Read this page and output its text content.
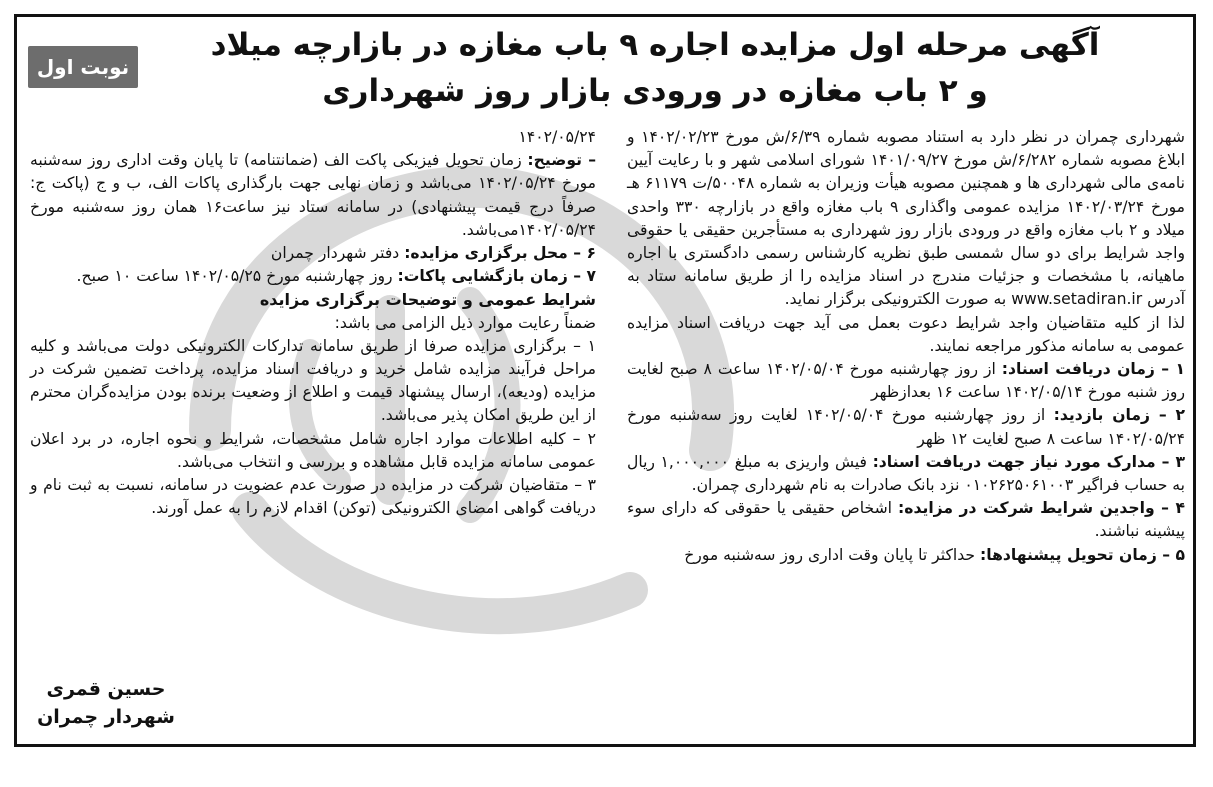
نوبت اول
آگهی مرحله اول مزایده اجاره ۹ باب مغازه در بازارچه میلاد
و ۲ باب مغازه در ورودی بازار روز شهرداری

شهرداری چمران در نظر دارد به استناد مصوبه شماره ۶/۳۹/ش مورخ ۱۴۰۲/۰۲/۲۳ و ابلاغ مصوبه شماره ۶/۲۸۲/ش مورخ ۱۴۰۱/۰۹/۲۷ شورای اسلامی شهر و با رعایت آیین نامه‌ی مالی شهرداری ها و همچنین مصوبه هیأت وزیران به شماره ۵۰۰۴۸/ت ۶۱۱۷۹ هـ مورخ ۱۴۰۲/۰۳/۲۴ مزایده عمومی واگذاری ۹ باب مغازه واقع در بازارچه ۳۳۰ واحدی میلاد و ۲ باب مغازه واقع در ورودی بازار روز شهرداری به مستأجرین حقیقی یا حقوقی واجد شرایط برای دو سال شمسی طبق نظریه کارشناس رسمی دادگستری با اجاره ماهیانه، با مشخصات و جزئیات مندرج در اسناد مزایده را از طریق سامانه ستاد به آدرس www.setadiran.ir به صورت الکترونیکی برگزار نماید.

لذا از کلیه متقاضیان واجد شرایط دعوت بعمل می آید جهت دریافت اسناد مزایده عمومی به سامانه مذکور مراجعه نمایند.

۱ – زمان دریافت اسناد: از روز چهارشنبه مورخ ۱۴۰۲/۰۵/۰۴ ساعت ۸ صبح لغایت روز شنبه مورخ ۱۴۰۲/۰۵/۱۴ ساعت ۱۶ بعدازظهر

۲ – زمان بازدید: از روز چهارشنبه مورخ ۱۴۰۲/۰۵/۰۴ لغایت روز سه‌شنبه مورخ ۱۴۰۲/۰۵/۲۴ ساعت ۸ صبح لغایت ۱۲ ظهر

۳ – مدارک مورد نیاز جهت دریافت اسناد: فیش واریزی به مبلغ ۱,۰۰۰,۰۰۰ ریال به حساب فراگیر ۰۱۰۲۶۲۵۰۶۱۰۰۳ نزد بانک صادرات به نام شهرداری چمران.

۴ – واجدین شرایط شرکت در مزایده: اشخاص حقیقی یا حقوقی که دارای سوء پیشینه نباشند.

۵ – زمان تحویل پیشنهادها: حداکثر تا پایان وقت اداری روز سه‌شنبه مورخ

۱۴۰۲/۰۵/۲۴

– توضیح: زمان تحویل فیزیکی پاکت الف (ضمانتنامه) تا پایان وقت اداری روز سه‌شنبه مورخ ۱۴۰۲/۰۵/۲۴ می‌باشد و زمان نهایی جهت بارگذاری پاکات الف، ب و ج (پاکت ج: صرفاً درج قیمت پیشنهادی) در سامانه ستاد نیز ساعت۱۶ همان روز سه‌شنبه مورخ ۱۴۰۲/۰۵/۲۴می‌باشد.

۶ – محل برگزاری مزایده: دفتر شهردار چمران

۷ – زمان بازگشایی پاکات: روز چهارشنبه مورخ ۱۴۰۲/۰۵/۲۵ ساعت ۱۰ صبح.

شرایط عمومی و توضیحات برگزاری مزایده

ضمناً رعایت موارد ذیل الزامی می باشد:

۱ – برگزاری مزایده صرفا از طریق سامانه تدارکات الکترونیکی دولت می‌باشد و کلیه مراحل فرآیند مزایده شامل خرید و دریافت اسناد مزایده، پرداخت تضمین شرکت در مزایده (ودیعه)، ارسال پیشنهاد قیمت و اطلاع از وضعیت برنده بودن مزایده‌گران محترم از این طریق امکان پذیر می‌باشد.

۲ – کلیه اطلاعات موارد اجاره شامل مشخصات، شرایط و نحوه اجاره، در برد اعلان عمومی سامانه مزایده قابل مشاهده و بررسی و انتخاب می‌باشد.

۳ – متقاضیان شرکت در مزایده در صورت عدم عضویت در سامانه، نسبت به ثبت نام و دریافت گواهی امضای الکترونیکی (توکن) اقدام لازم را به عمل آورند.

حسین قمری
شهردار چمران
